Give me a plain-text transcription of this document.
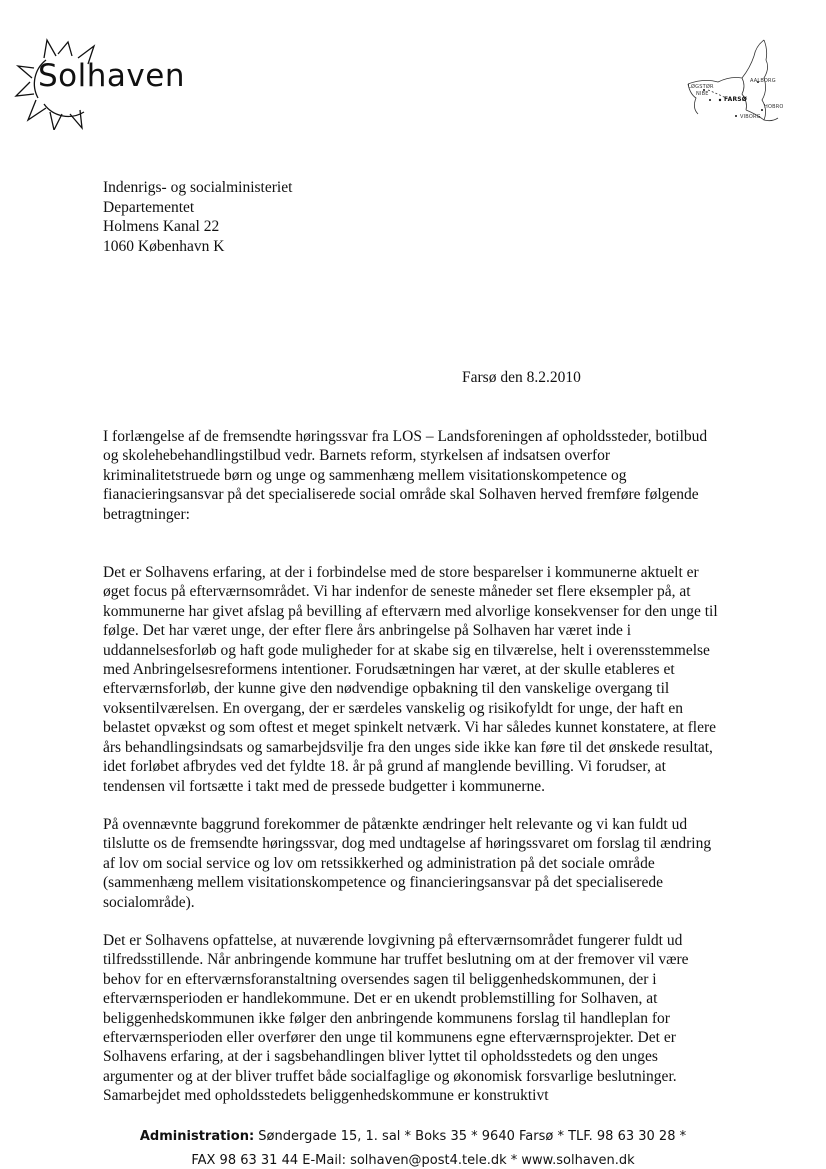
Solhaven	LØGSTØR
AALBORG
NIBE
FARSØ
HOBRO
VIBORG
Indenrigs- og socialministeriet
Departementet
Holmens Kanal 22
1060 København K
Farsø den 8.2.2010

I forlængelse af de fremsendte høringssvar fra LOS – Landsforeningen af opholdssteder, botilbud
og skolehebehandlingstilbud vedr. Barnets reform, styrkelsen af indsatsen overfor
kriminalitetstruede børn og unge og sammenhæng mellem visitationskompetence og
fianacieringsansvar på det specialiserede social område skal Solhaven herved fremføre følgende
betragtninger:

Det er Solhavens erfaring, at der i forbindelse med de store besparelser i kommunerne aktuelt er
øget focus på efterværnsområdet. Vi har indenfor de seneste måneder set flere eksempler på, at
kommunerne har givet afslag på bevilling af efterværn med alvorlige konsekvenser for den unge til
følge. Det har været unge, der efter flere års anbringelse på Solhaven har været inde i
uddannelsesforløb og haft gode muligheder for at skabe sig en tilværelse, helt i overensstemmelse
med Anbringelsesreformens intentioner. Forudsætningen har været, at der skulle etableres et
efterværnsforløb, der kunne give den nødvendige opbakning til den vanskelige overgang til
voksentilværelsen. En overgang, der er særdeles vanskelig og risikofyldt for unge, der haft en
belastet opvækst og som oftest et meget spinkelt netværk. Vi har således kunnet konstatere, at flere
års behandlingsindsats og samarbejdsvilje fra den unges side ikke kan føre til det ønskede resultat,
idet forløbet afbrydes ved det fyldte 18. år på grund af manglende bevilling. Vi forudser, at
tendensen vil fortsætte i takt med de pressede budgetter i kommunerne.

På ovennævnte baggrund forekommer de påtænkte ændringer helt relevante og vi kan fuldt ud
tilslutte os de fremsendte høringssvar, dog med undtagelse af høringssvaret om forslag til ændring
af lov om social service og lov om retssikkerhed og administration på det sociale område
(sammenhæng mellem visitationskompetence og financieringsansvar på det specialiserede
socialområde).

Det er Solhavens opfattelse, at nuværende lovgivning på efterværnsområdet fungerer fuldt ud
tilfredsstillende. Når anbringende kommune har truffet beslutning om at der fremover vil være
behov for en efterværnsforanstaltning oversendes sagen til beliggenhedskommunen, der i
efterværnsperioden er handlekommune. Det er en ukendt problemstilling for Solhaven, at
beliggenhedskommunen ikke følger den anbringende kommunens forslag til handleplan for
efterværnsperioden eller overfører den unge til kommunens egne efterværnsprojekter. Det er
Solhavens erfaring, at der i sagsbehandlingen bliver lyttet til opholdsstedets og den unges
argumenter og at der bliver truffet både socialfaglige og økonomisk forsvarlige beslutninger.
Samarbejdet med opholdsstedets beliggenhedskommune er konstruktivt

Administration: Søndergade 15, 1. sal * Boks 35 * 9640 Farsø * TLF. 98 63 30 28 *
FAX 98 63 31 44 E-Mail: solhaven@post4.tele.dk * www.solhaven.dk
